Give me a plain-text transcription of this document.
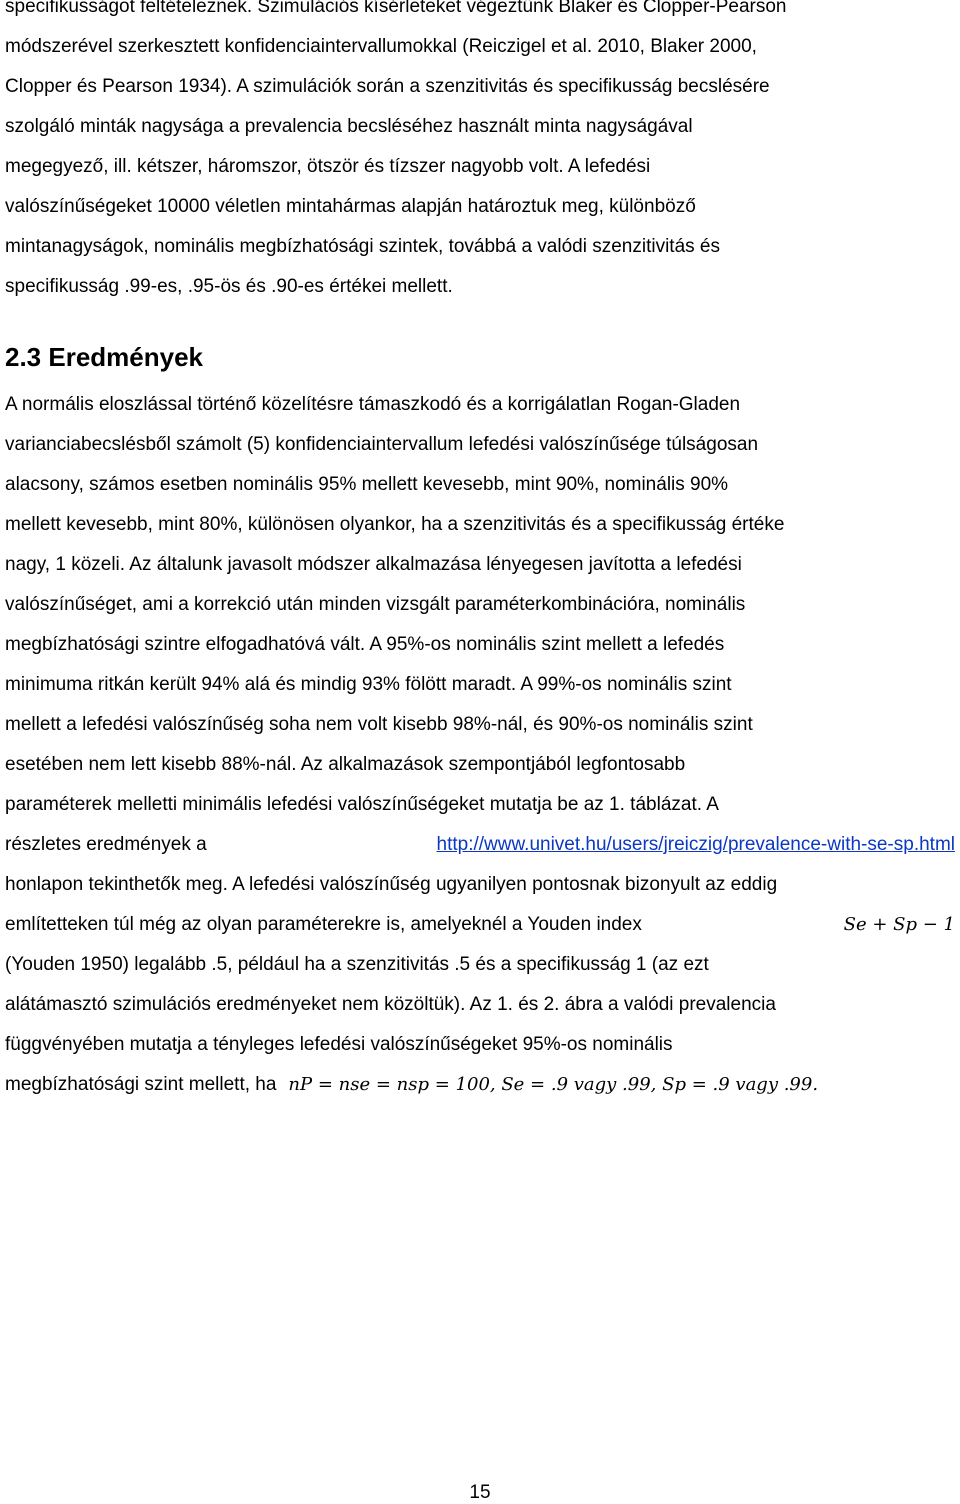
specifikusságot feltételeznek. Szimulációs kísérleteket végeztünk Blaker és Clopper-Pearson
módszerével szerkesztett konfidenciaintervallumokkal (Reiczigel et al. 2010, Blaker 2000,
Clopper és Pearson 1934). A szimulációk során a szenzitivitás és specifikusság becslésére
szolgáló minták nagysága a prevalencia becsléséhez használt minta nagyságával
megegyező, ill. kétszer, háromszor, ötször és tízszer nagyobb volt. A lefedési
valószínűségeket 10000 véletlen mintahármas alapján határoztuk meg, különböző
mintanagyságok, nominális megbízhatósági szintek, továbbá a valódi szenzitivitás és
specifikusság .99-es, .95-ös és .90-es értékei mellett.
2.3 Eredmények
A normális eloszlással történő közelítésre támaszkodó és a korrigálatlan Rogan-Gladen
varianciabecslésből számolt (5) konfidenciaintervallum lefedési valószínűsége túlságosan
alacsony, számos esetben nominális 95% mellett kevesebb, mint 90%, nominális 90%
mellett kevesebb, mint 80%, különösen olyankor, ha a szenzitivitás és a specifikusság értéke
nagy, 1 közeli. Az általunk javasolt módszer alkalmazása lényegesen javította a lefedési
valószínűséget, ami a korrekció után minden vizsgált paraméterkombinációra, nominális
megbízhatósági szintre elfogadhatóvá vált. A 95%-os nominális szint mellett a lefedés
minimuma ritkán került 94% alá és mindig 93% fölött maradt. A 99%-os nominális szint
mellett a lefedési valószínűség soha nem volt kisebb 98%-nál, és 90%-os nominális szint
esetében nem lett kisebb 88%-nál. Az alkalmazások szempontjából legfontosabb
paraméterek melletti minimális lefedési valószínűségeket mutatja be az 1. táblázat. A
részletes eredmények a	http://www.univet.hu/users/jreiczig/prevalence-with-se-sp.html
honlapon tekinthetők meg. A lefedési valószínűség ugyanilyen pontosnak bizonyult az eddig
említetteken túl még az olyan paraméterekre is, amelyeknél a Youden index	Se + Sp − 1
(Youden 1950) legalább .5, például ha a szenzitivitás .5 és a specifikusság 1 (az ezt
alátámasztó szimulációs eredményeket nem közöltük). Az 1. és 2. ábra a valódi prevalencia
függvényében mutatja a tényleges lefedési valószínűségeket 95%-os nominális
megbízhatósági szint mellett, ha nP = nse = nsp = 100, Se = .9 vagy .99, Sp = .9 vagy .99.
15
